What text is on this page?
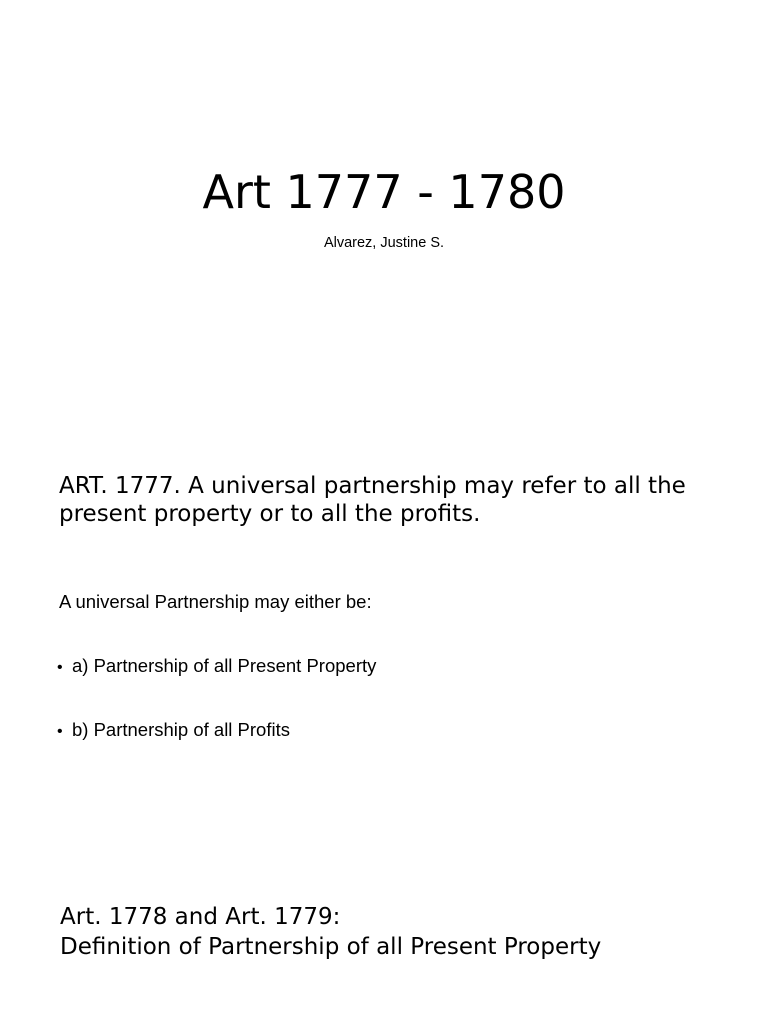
Art 1777 - 1780

Alvarez, Justine S.

ART. 1777. A universal partnership may refer to all the present property or to all the profits.

A universal Partnership may either be:

• a) Partnership of all Present Property
• b) Partnership of all Profits
Art. 1778 and Art. 1779:
Definition of Partnership of all Present Property
